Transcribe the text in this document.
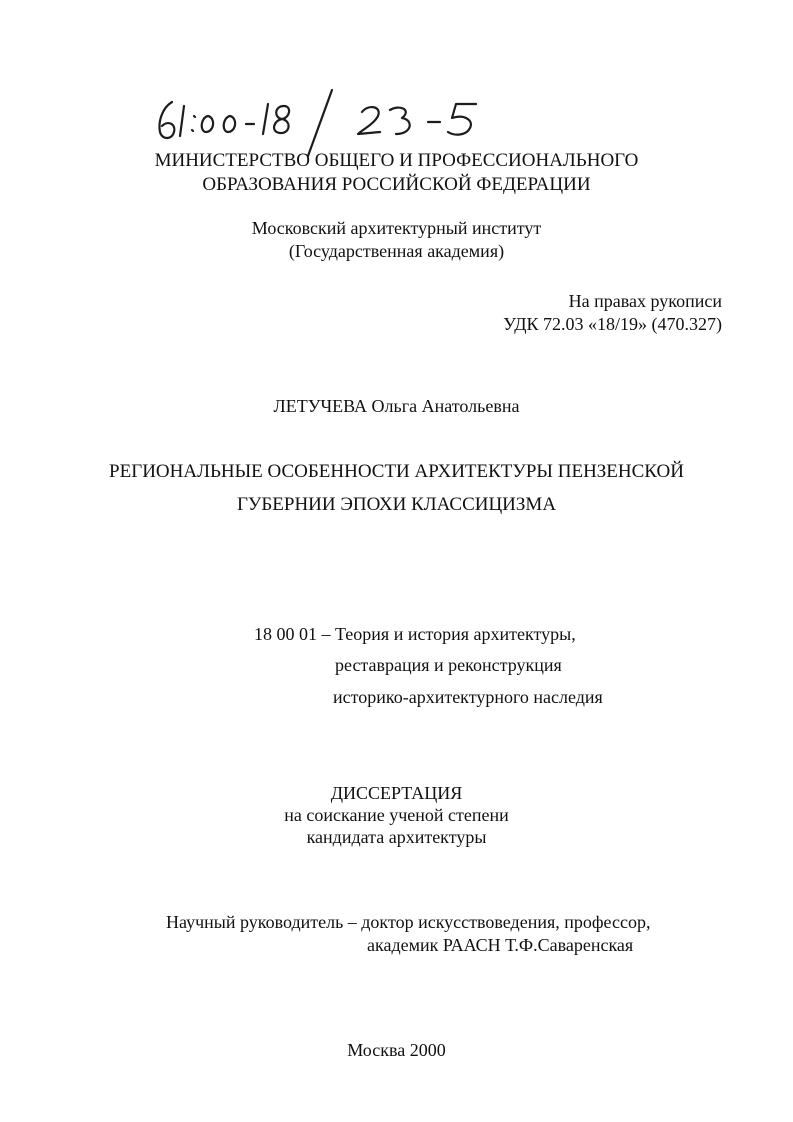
МИНИСТЕРСТВО ОБЩЕГО И ПРОФЕССИОНАЛЬНОГО
ОБРАЗОВАНИЯ РОССИЙСКОЙ ФЕДЕРАЦИИ
Московский архитектурный институт
(Государственная академия)
На правах рукописи
УДК 72.03 «18/19» (470.327)
ЛЕТУЧЕВА Ольга Анатольевна
РЕГИОНАЛЬНЫЕ ОСОБЕННОСТИ АРХИТЕКТУРЫ ПЕНЗЕНСКОЙ
ГУБЕРНИИ ЭПОХИ КЛАССИЦИЗМА
18 00 01 – Теория и история архитектуры,
реставрация и реконструкция
историко-архитектурного наследия
ДИССЕРТАЦИЯ
на соискание ученой степени
кандидата архитектуры
Научный руководитель – доктор искусствоведения, профессор,
академик РААСН Т.Ф.Саваренская
Москва 2000
